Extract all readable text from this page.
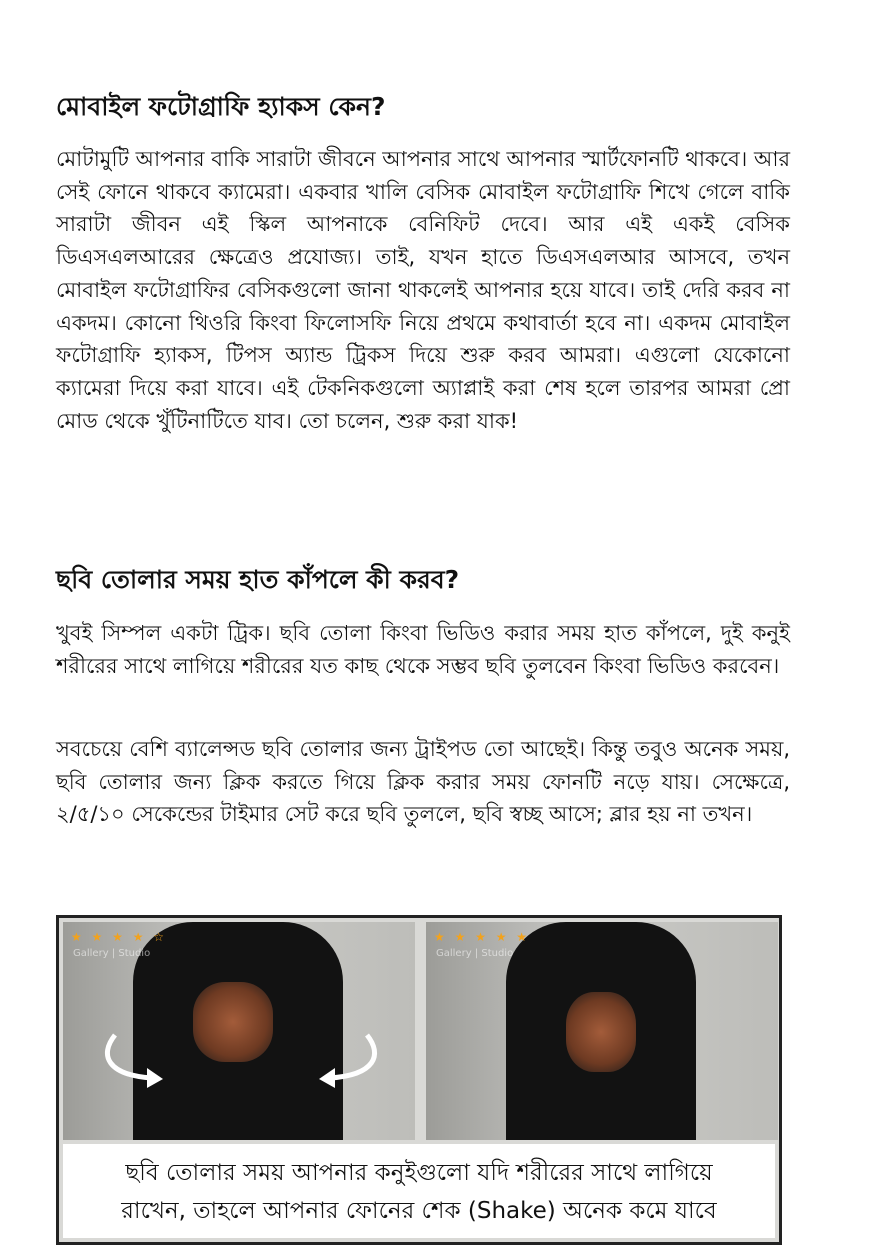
মোবাইল ফটোগ্রাফি হ্যাকস কেন?

মোটামুটি আপনার বাকি সারাটা জীবনে আপনার সাথে আপনার স্মার্টফোনটি থাকবে। আর সেই ফোনে থাকবে ক্যামেরা। একবার খালি বেসিক মোবাইল ফটোগ্রাফি শিখে গেলে বাকি সারাটা জীবন এই স্কিল আপনাকে বেনিফিট দেবে। আর এই একই বেসিক ডিএসএলআরের ক্ষেত্রেও প্রযোজ্য। তাই, যখন হাতে ডিএসএলআর আসবে, তখন মোবাইল ফটোগ্রাফির বেসিকগুলো জানা থাকলেই আপনার হয়ে যাবে। তাই দেরি করব না একদম। কোনো থিওরি কিংবা ফিলোসফি নিয়ে প্রথমে কথাবার্তা হবে না। একদম মোবাইল ফটোগ্রাফি হ্যাকস, টিপস অ্যান্ড ট্রিকস দিয়ে শুরু করব আমরা। এগুলো যেকোনো ক্যামেরা দিয়ে করা যাবে। এই টেকনিকগুলো অ্যাপ্লাই করা শেষ হলে তারপর আমরা প্রো মোড থেকে খুঁটিনাটিতে যাব। তো চলেন, শুরু করা যাক!

ছবি তোলার সময় হাত কাঁপলে কী করব?

খুবই সিম্পল একটা ট্রিক। ছবি তোলা কিংবা ভিডিও করার সময় হাত কাঁপলে, দুই কনুই শরীরের সাথে লাগিয়ে শরীরের যত কাছ থেকে সম্ভব ছবি তুলবেন কিংবা ভিডিও করবেন।

সবচেয়ে বেশি ব্যালেন্সড ছবি তোলার জন্য ট্রাইপড তো আছেই। কিন্তু তবুও অনেক সময়, ছবি তোলার জন্য ক্লিক করতে গিয়ে ক্লিক করার সময় ফোনটি নড়ে যায়। সেক্ষেত্রে, ২/৫/১০ সেকেন্ডের টাইমার সেট করে ছবি তুললে, ছবি স্বচ্ছ আসে; ব্লার হয় না তখন।

★ ★ ★ ★ ☆
Gallery | Studio
★ ★ ★ ★ ★
Gallery | Studio
ছবি তোলার সময় আপনার কনুইগুলো যদি শরীরের সাথে লাগিয়ে
রাখেন, তাহলে আপনার ফোনের শেক (Shake) অনেক কমে যাবে
